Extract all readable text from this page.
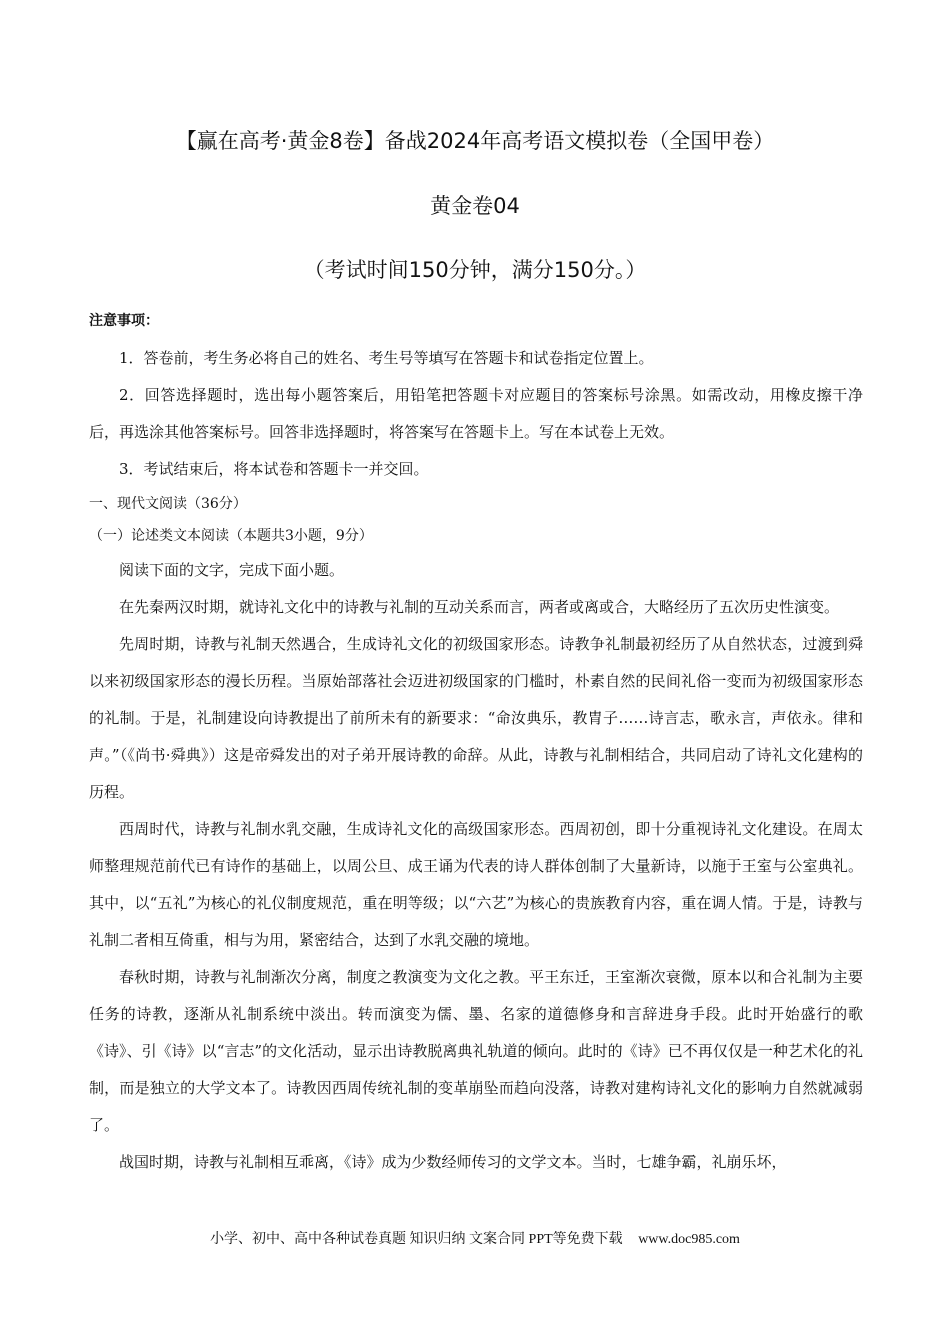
【赢在高考·黄金8卷】备战2024年高考语文模拟卷（全国甲卷）
黄金卷04
（考试时间150分钟，满分150分。）
注意事项：

1．答卷前，考生务必将自己的姓名、考生号等填写在答题卡和试卷指定位置上。

2．回答选择题时，选出每小题答案后，用铅笔把答题卡对应题目的答案标号涂黑。如需改动，用橡皮擦干净后，再选涂其他答案标号。回答非选择题时，将答案写在答题卡上。写在本试卷上无效。

3．考试结束后，将本试卷和答题卡一并交回。

一、现代文阅读（36分）

（一）论述类文本阅读（本题共3小题，9分）

阅读下面的文字，完成下面小题。

在先秦两汉时期，就诗礼文化中的诗教与礼制的互动关系而言，两者或离或合，大略经历了五次历史性演变。

先周时期，诗教与礼制天然遇合，生成诗礼文化的初级国家形态。诗教争礼制最初经历了从自然状态，过渡到舜以来初级国家形态的漫长历程。当原始部落社会迈进初级国家的门槛时，朴素自然的民间礼俗一变而为初级国家形态的礼制。于是，礼制建设向诗教提出了前所未有的新要求：“命汝典乐，教胄子……诗言志，歌永言，声依永。律和声。”（《尚书·舜典》）这是帝舜发出的对子弟开展诗教的命辞。从此，诗教与礼制相结合，共同启动了诗礼文化建构的历程。

西周时代，诗教与礼制水乳交融，生成诗礼文化的高级国家形态。西周初创，即十分重视诗礼文化建设。在周太师整理规范前代已有诗作的基础上，以周公旦、成王诵为代表的诗人群体创制了大量新诗，以施于王室与公室典礼。其中，以“五礼”为核心的礼仪制度规范，重在明等级；以“六艺”为核心的贵族教育内容，重在调人情。于是，诗教与礼制二者相互倚重，相与为用，紧密结合，达到了水乳交融的境地。

春秋时期，诗教与礼制渐次分离，制度之教演变为文化之教。平王东迁，王室渐次衰微，原本以和合礼制为主要任务的诗教，逐渐从礼制系统中淡出。转而演变为儒、墨、名家的道德修身和言辞进身手段。此时开始盛行的歌《诗》、引《诗》以“言志”的文化活动，显示出诗教脱离典礼轨道的倾向。此时的《诗》已不再仅仅是一种艺术化的礼制，而是独立的大学文本了。诗教因西周传统礼制的变革崩坠而趋向没落，诗教对建构诗礼文化的影响力自然就减弱了。

战国时期，诗教与礼制相互乖离，《诗》成为少数经师传习的文学文本。当时，七雄争霸，礼崩乐坏，

小学、初中、高中各种试卷真题 知识归纳 文案合同 PPT等免费下载 www.doc985.com
